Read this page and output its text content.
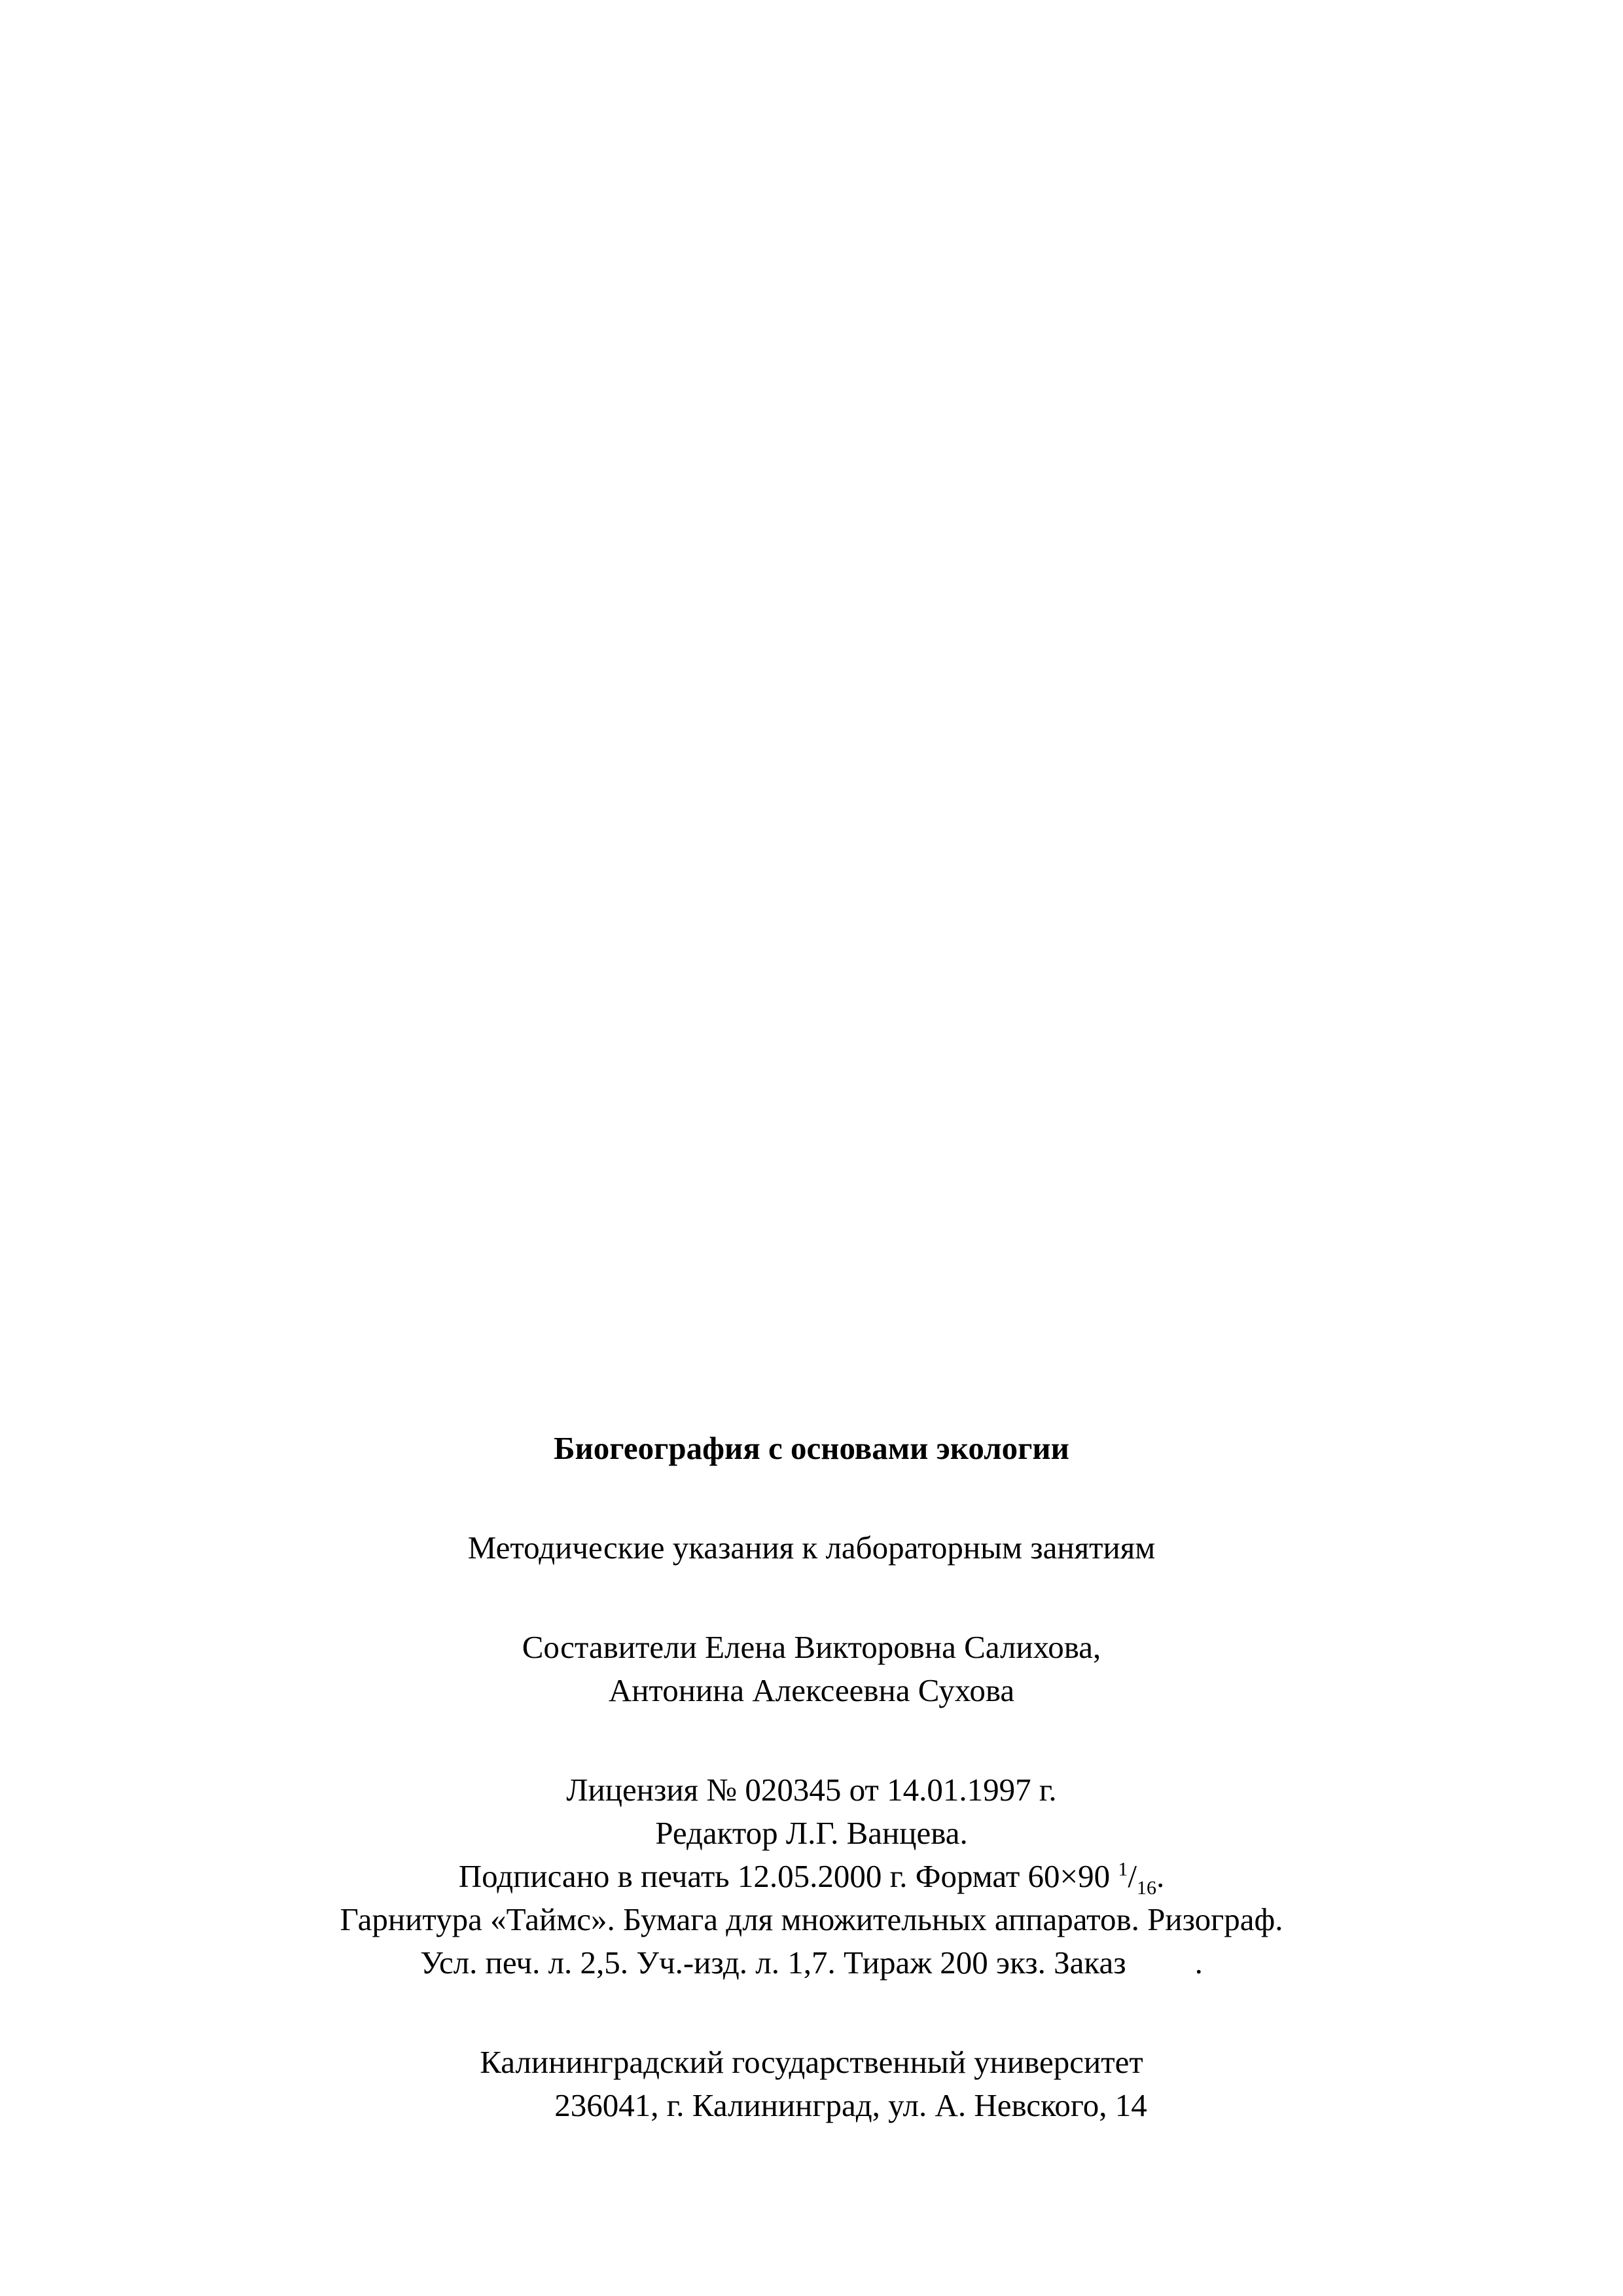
Биогеография с основами экологии

Методические указания к лабораторным занятиям

Составители Елена Викторовна Салихова,

Антонина Алексеевна Сухова

Лицензия № 020345 от 14.01.1997 г.

Редактор Л.Г. Ванцева.

Подписано в печать 12.05.2000 г. Формат 60×90 $^1/_{16}$.

Гарнитура «Таймс». Бумага для множительных аппаратов. Ризограф.

Усл. печ. л. 2,5. Уч.-изд. л. 1,7. Тираж 200 экз. Заказ .

Калининградский государственный университет

236041, г. Калининград, ул. А. Невского, 14
